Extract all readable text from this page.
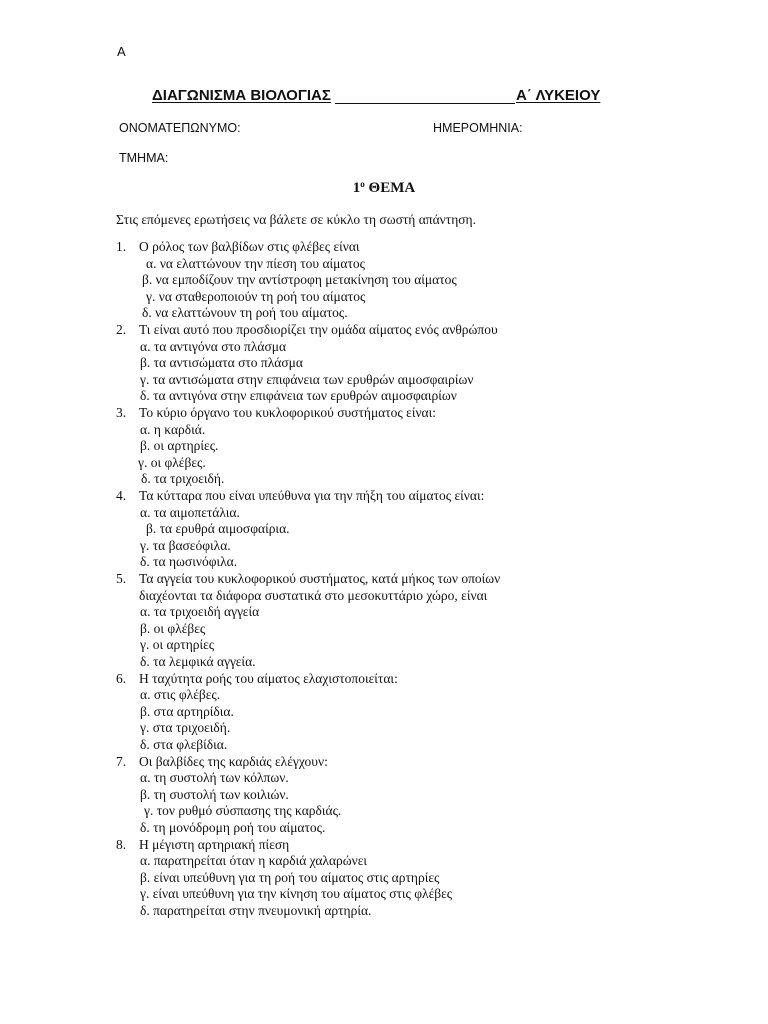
Α
ΔΙΑΓΩΝΙΣΜΑ ΒΙΟΛΟΓΙΑΣ	Α΄ ΛΥΚΕΙΟΥ
ΟΝΟΜΑΤΕΠΩΝΥΜΟ:	ΗΜΕΡΟΜΗΝΙΑ:
ΤΜΗΜΑ:
$1^o$ ΘΕΜΑ
Στις επόμενες ερωτήσεις να βάλετε σε κύκλο τη σωστή απάντηση.
1. Ο ρόλος των βαλβίδων στις φλέβες είναι
α. να ελαττώνουν την πίεση του αίματος
β. να εμποδίζουν την αντίστροφη μετακίνηση του αίματος
γ. να σταθεροποιούν τη ροή του αίματος
δ. να ελαττώνουν τη ροή του αίματος.
2. Τι είναι αυτό που προσδιορίζει την ομάδα αίματος ενός ανθρώπου
α. τα αντιγόνα στο πλάσμα
β. τα αντισώματα στο πλάσμα
γ. τα αντισώματα στην επιφάνεια των ερυθρών αιμοσφαιρίων
δ. τα αντιγόνα στην επιφάνεια των ερυθρών αιμοσφαιρίων
3. Το κύριο όργανο του κυκλοφορικού συστήματος είναι:
α. η καρδιά.
β. οι αρτηρίες.
γ. οι φλέβες.
δ. τα τριχοειδή.
4. Τα κύτταρα που είναι υπεύθυνα για την πήξη του αίματος είναι:
α. τα αιμοπετάλια.
β. τα ερυθρά αιμοσφαίρια.
γ. τα βασεόφιλα.
δ. τα ηωσινόφιλα.
5. Τα αγγεία του κυκλοφορικού συστήματος, κατά μήκος των οποίων
διαχέονται τα διάφορα συστατικά στο μεσοκυττάριο χώρο, είναι
α. τα τριχοειδή αγγεία
β. οι φλέβες
γ. οι αρτηρίες
δ. τα λεμφικά αγγεία.
6. Η ταχύτητα ροής του αίματος ελαχιστοποιείται:
α. στις φλέβες.
β. στα αρτηρίδια.
γ. στα τριχοειδή.
δ. στα φλεβίδια.
7. Οι βαλβίδες της καρδιάς ελέγχουν:
α. τη συστολή των κόλπων.
β. τη συστολή των κοιλιών.
γ. τον ρυθμό σύσπασης της καρδιάς.
δ. τη μονόδρομη ροή του αίματος.
8. Η μέγιστη αρτηριακή πίεση
α. παρατηρείται όταν η καρδιά χαλαρώνει
β. είναι υπεύθυνη για τη ροή του αίματος στις αρτηρίες
γ. είναι υπεύθυνη για την κίνηση του αίματος στις φλέβες
δ. παρατηρείται στην πνευμονική αρτηρία.
